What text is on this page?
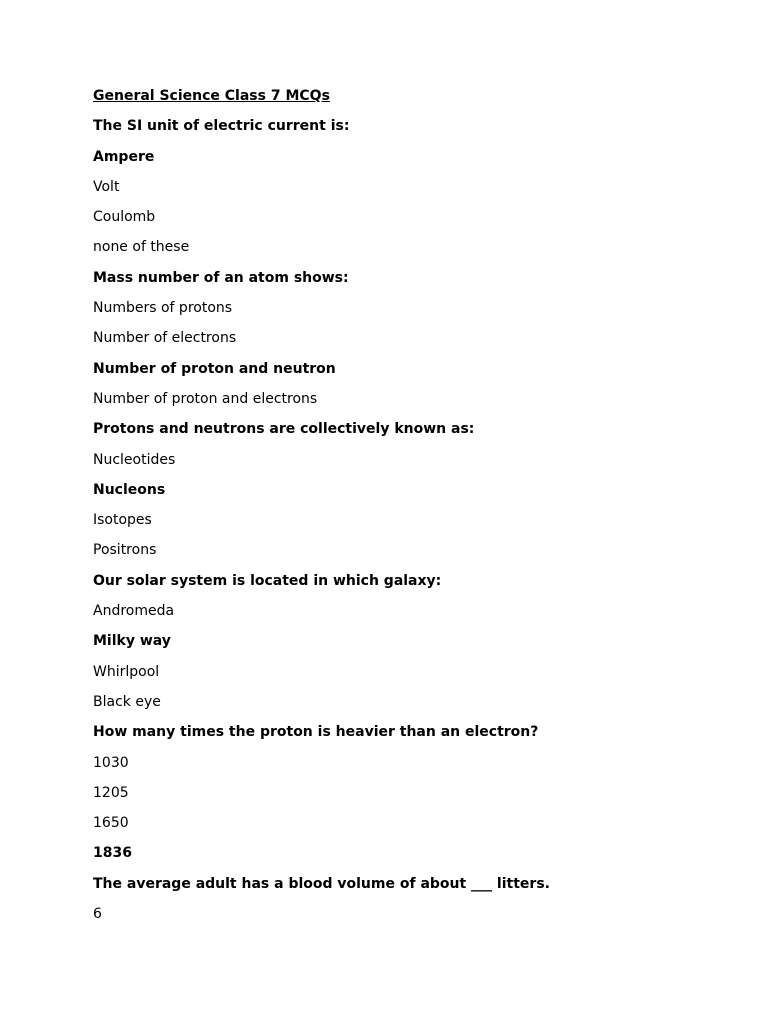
General Science Class 7 MCQs
The SI unit of electric current is:
Ampere
Volt
Coulomb
none of these
Mass number of an atom shows:
Numbers of protons
Number of electrons
Number of proton and neutron
Number of proton and electrons
Protons and neutrons are collectively known as:
Nucleotides
Nucleons
Isotopes
Positrons
Our solar system is located in which galaxy:
Andromeda
Milky way
Whirlpool
Black eye
How many times the proton is heavier than an electron?
1030
1205
1650
1836
The average adult has a blood volume of about ___ litters.
6
